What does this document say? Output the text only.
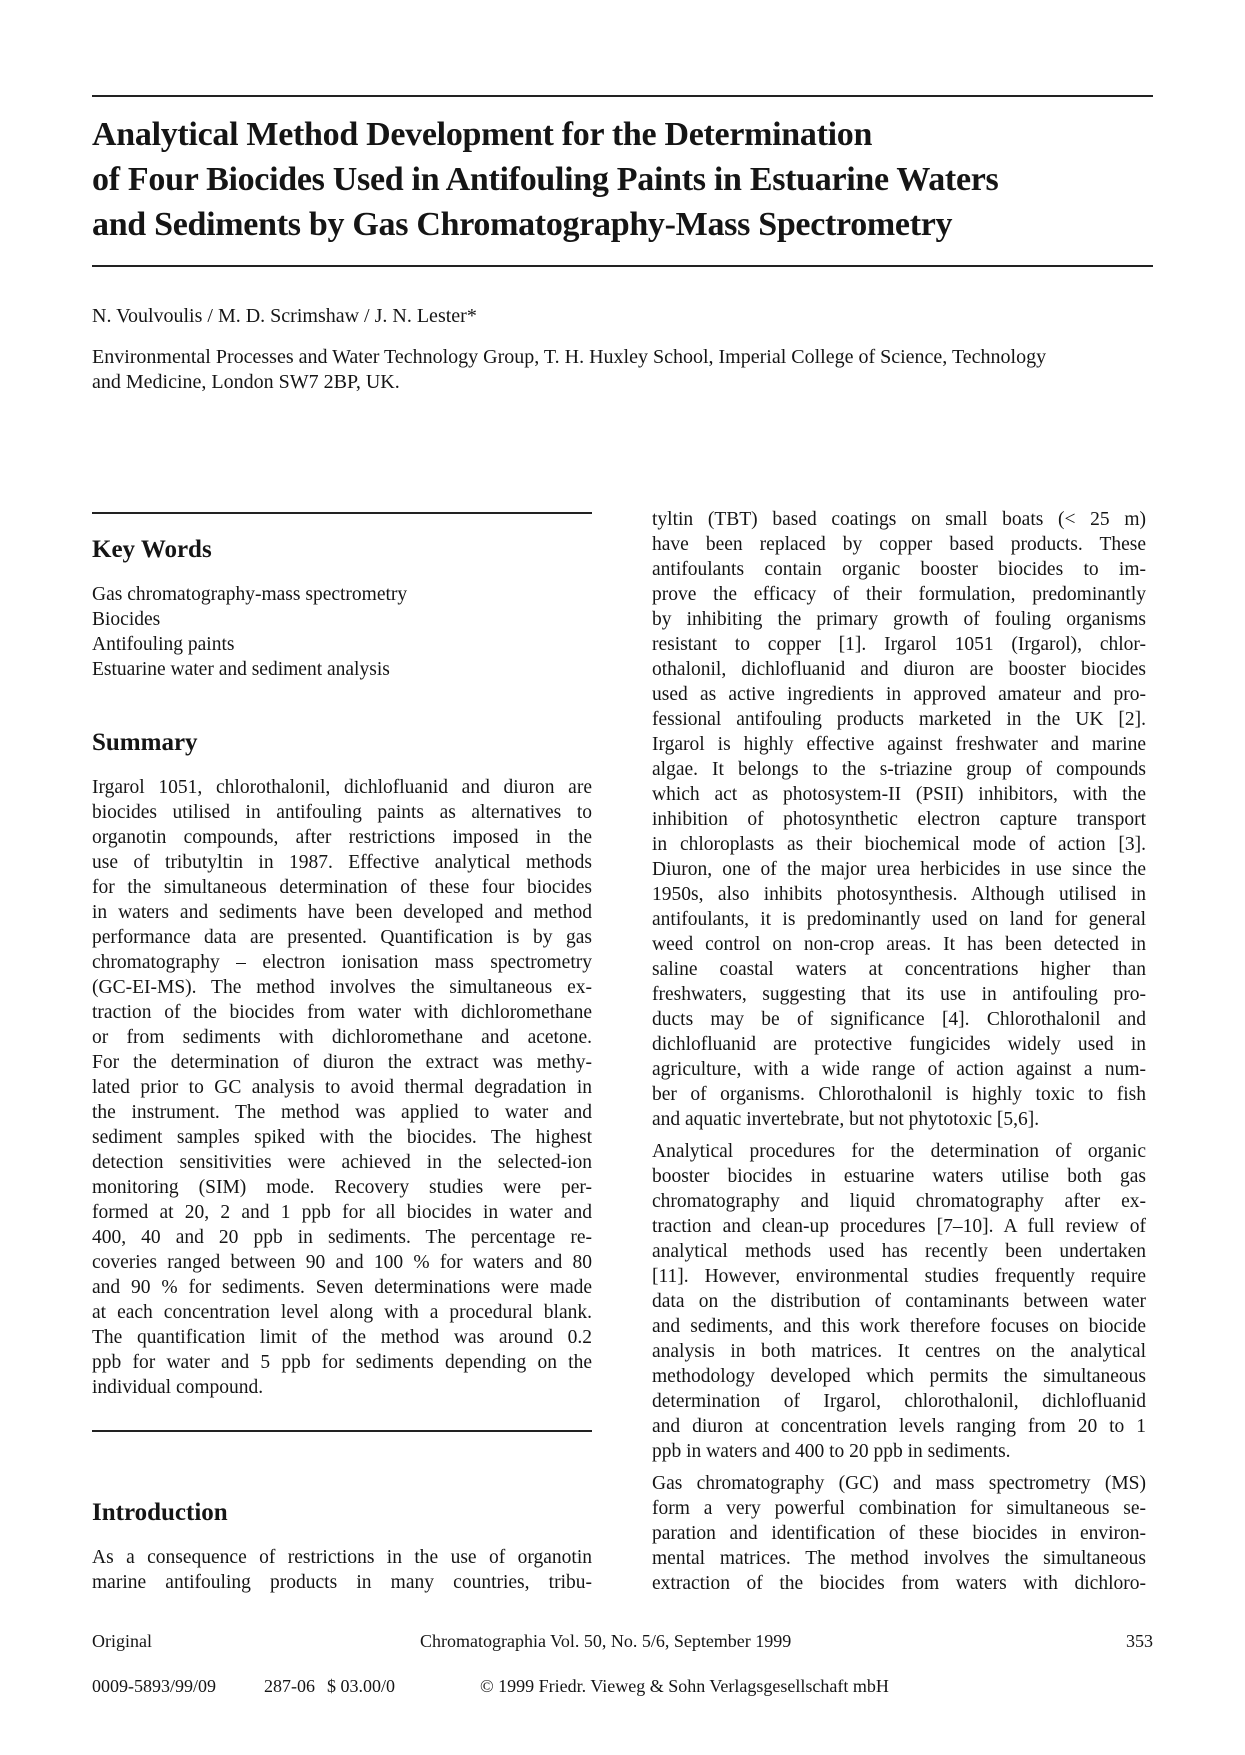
Analytical Method Development for the Determination
of Four Biocides Used in Antifouling Paints in Estuarine Waters
and Sediments by Gas Chromatography-Mass Spectrometry
N. Voulvoulis / M. D. Scrimshaw / J. N. Lester*
Environmental Processes and Water Technology Group, T. H. Huxley School, Imperial College of Science, Technology
and Medicine, London SW7 2BP, UK.
Key Words
Gas chromatography-mass spectrometry
Biocides
Antifouling paints
Estuarine water and sediment analysis
Summary
Irgarol 1051, chlorothalonil, dichlofluanid and diuron are
biocides utilised in antifouling paints as alternatives to
organotin compounds, after restrictions imposed in the
use of tributyltin in 1987. Effective analytical methods
for the simultaneous determination of these four biocides
in waters and sediments have been developed and method
performance data are presented. Quantification is by gas
chromatography – electron ionisation mass spectrometry
(GC-EI-MS). The method involves the simultaneous ex-
traction of the biocides from water with dichloromethane
or from sediments with dichloromethane and acetone.
For the determination of diuron the extract was methy-
lated prior to GC analysis to avoid thermal degradation in
the instrument. The method was applied to water and
sediment samples spiked with the biocides. The highest
detection sensitivities were achieved in the selected-ion
monitoring (SIM) mode. Recovery studies were per-
formed at 20, 2 and 1 ppb for all biocides in water and
400, 40 and 20 ppb in sediments. The percentage re-
coveries ranged between 90 and 100 % for waters and 80
and 90 % for sediments. Seven determinations were made
at each concentration level along with a procedural blank.
The quantification limit of the method was around 0.2
ppb for water and 5 ppb for sediments depending on the
individual compound.
Introduction
As a consequence of restrictions in the use of organotin
marine antifouling products in many countries, tribu-
tyltin (TBT) based coatings on small boats (< 25 m)
have been replaced by copper based products. These
antifoulants contain organic booster biocides to im-
prove the efficacy of their formulation, predominantly
by inhibiting the primary growth of fouling organisms
resistant to copper [1]. Irgarol 1051 (Irgarol), chlor-
othalonil, dichlofluanid and diuron are booster biocides
used as active ingredients in approved amateur and pro-
fessional antifouling products marketed in the UK [2].
Irgarol is highly effective against freshwater and marine
algae. It belongs to the s-triazine group of compounds
which act as photosystem-II (PSII) inhibitors, with the
inhibition of photosynthetic electron capture transport
in chloroplasts as their biochemical mode of action [3].
Diuron, one of the major urea herbicides in use since the
1950s, also inhibits photosynthesis. Although utilised in
antifoulants, it is predominantly used on land for general
weed control on non-crop areas. It has been detected in
saline coastal waters at concentrations higher than
freshwaters, suggesting that its use in antifouling pro-
ducts may be of significance [4]. Chlorothalonil and
dichlofluanid are protective fungicides widely used in
agriculture, with a wide range of action against a num-
ber of organisms. Chlorothalonil is highly toxic to fish
and aquatic invertebrate, but not phytotoxic [5,6].
Analytical procedures for the determination of organic
booster biocides in estuarine waters utilise both gas
chromatography and liquid chromatography after ex-
traction and clean-up procedures [7–10]. A full review of
analytical methods used has recently been undertaken
[11]. However, environmental studies frequently require
data on the distribution of contaminants between water
and sediments, and this work therefore focuses on biocide
analysis in both matrices. It centres on the analytical
methodology developed which permits the simultaneous
determination of Irgarol, chlorothalonil, dichlofluanid
and diuron at concentration levels ranging from 20 to 1
ppb in waters and 400 to 20 ppb in sediments.
Gas chromatography (GC) and mass spectrometry (MS)
form a very powerful combination for simultaneous se-
paration and identification of these biocides in environ-
mental matrices. The method involves the simultaneous
extraction of the biocides from waters with dichloro-
Original	Chromatographia Vol. 50, No. 5/6, September 1999	353
0009-5893/99/09	287-06 $ 03.00/0	© 1999 Friedr. Vieweg & Sohn Verlagsgesellschaft mbH
